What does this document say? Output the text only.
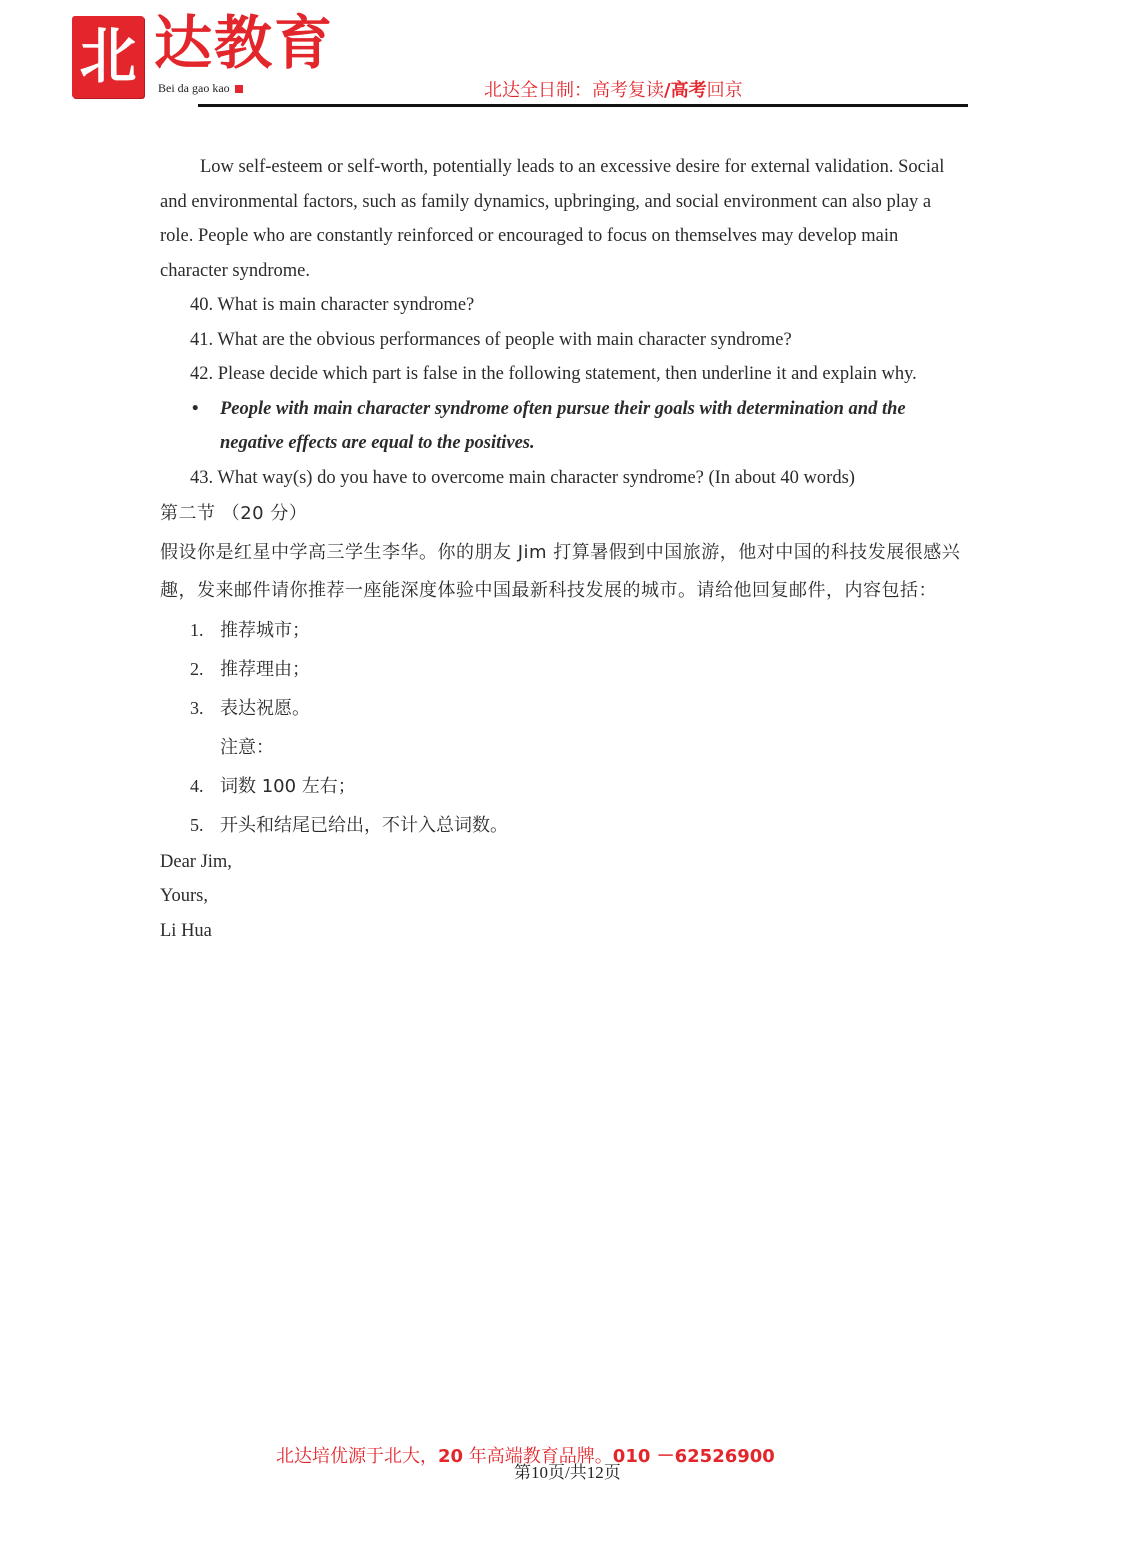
北 达教育
Bei da gao kao	北达全日制：高考复读/高考回京

Low self-esteem or self-worth, potentially leads to an excessive desire for external validation. Social and environmental factors, such as family dynamics, upbringing, and social environment can also play a role. People who are constantly reinforced or encouraged to focus on themselves may develop main character syndrome.

40. What is main character syndrome?

41. What are the obvious performances of people with main character syndrome?

42. Please decide which part is false in the following statement, then underline it and explain why.

• People with main character syndrome often pursue their goals with determination and the negative effects are equal to the positives.

43. What way(s) do you have to overcome main character syndrome? (In about 40 words)

第二节 （20 分）

假设你是红星中学高三学生李华。你的朋友 Jim 打算暑假到中国旅游，他对中国的科技发展很感兴趣，发来邮件请你推荐一座能深度体验中国最新科技发展的城市。请给他回复邮件，内容包括：

1. 推荐城市；

2. 推荐理由；

3. 表达祝愿。

注意：

4. 词数 100 左右；

5. 开头和结尾已给出，不计入总词数。

Dear Jim,

Yours,

Li Hua

北达培优源于北大，20 年高端教育品牌。010 －62526900
第10页/共12页
